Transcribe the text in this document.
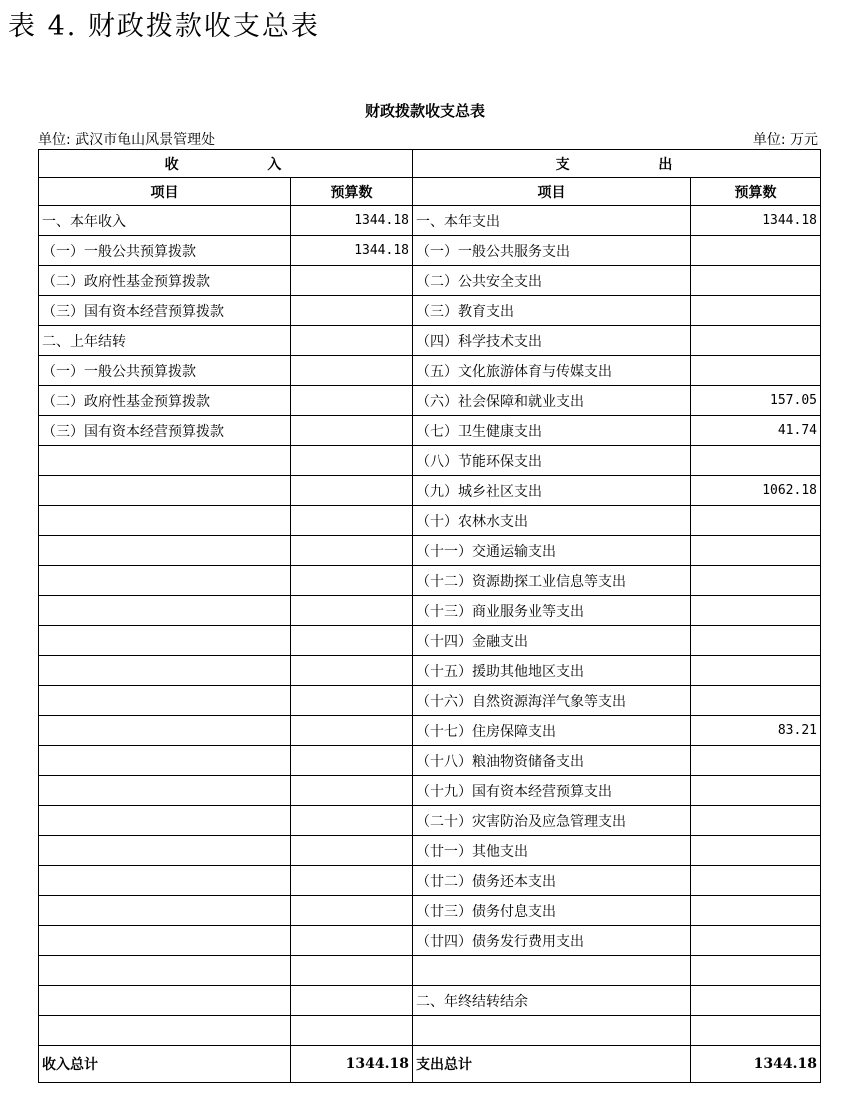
表 4. 财政拨款收支总表
财政拨款收支总表
单位: 武汉市龟山风景管理处	单位: 万元
收 入		支 出	
项目	预算数	项目	预算数
一、本年收入	1344.18	一、本年支出	1344.18
（一）一般公共预算拨款	1344.18	（一）一般公共服务支出	
（二）政府性基金预算拨款		（二）公共安全支出	
（三）国有资本经营预算拨款		（三）教育支出	
二、上年结转		（四）科学技术支出	
（一）一般公共预算拨款		（五）文化旅游体育与传媒支出	
（二）政府性基金预算拨款		（六）社会保障和就业支出	157.05
（三）国有资本经营预算拨款		（七）卫生健康支出	41.74
		（八）节能环保支出	
		（九）城乡社区支出	1062.18
		（十）农林水支出	
		（十一）交通运输支出	
		（十二）资源勘探工业信息等支出	
		（十三）商业服务业等支出	
		（十四）金融支出	
		（十五）援助其他地区支出	
		（十六）自然资源海洋气象等支出	
		（十七）住房保障支出	83.21
		（十八）粮油物资储备支出	
		（十九）国有资本经营预算支出	
		（二十）灾害防治及应急管理支出	
		（廿一）其他支出	
		（廿二）债务还本支出	
		（廿三）债务付息支出	
		（廿四）债务发行费用支出	

		二、年终结转结余	

收入总计	1344.18	支出总计	1344.18
